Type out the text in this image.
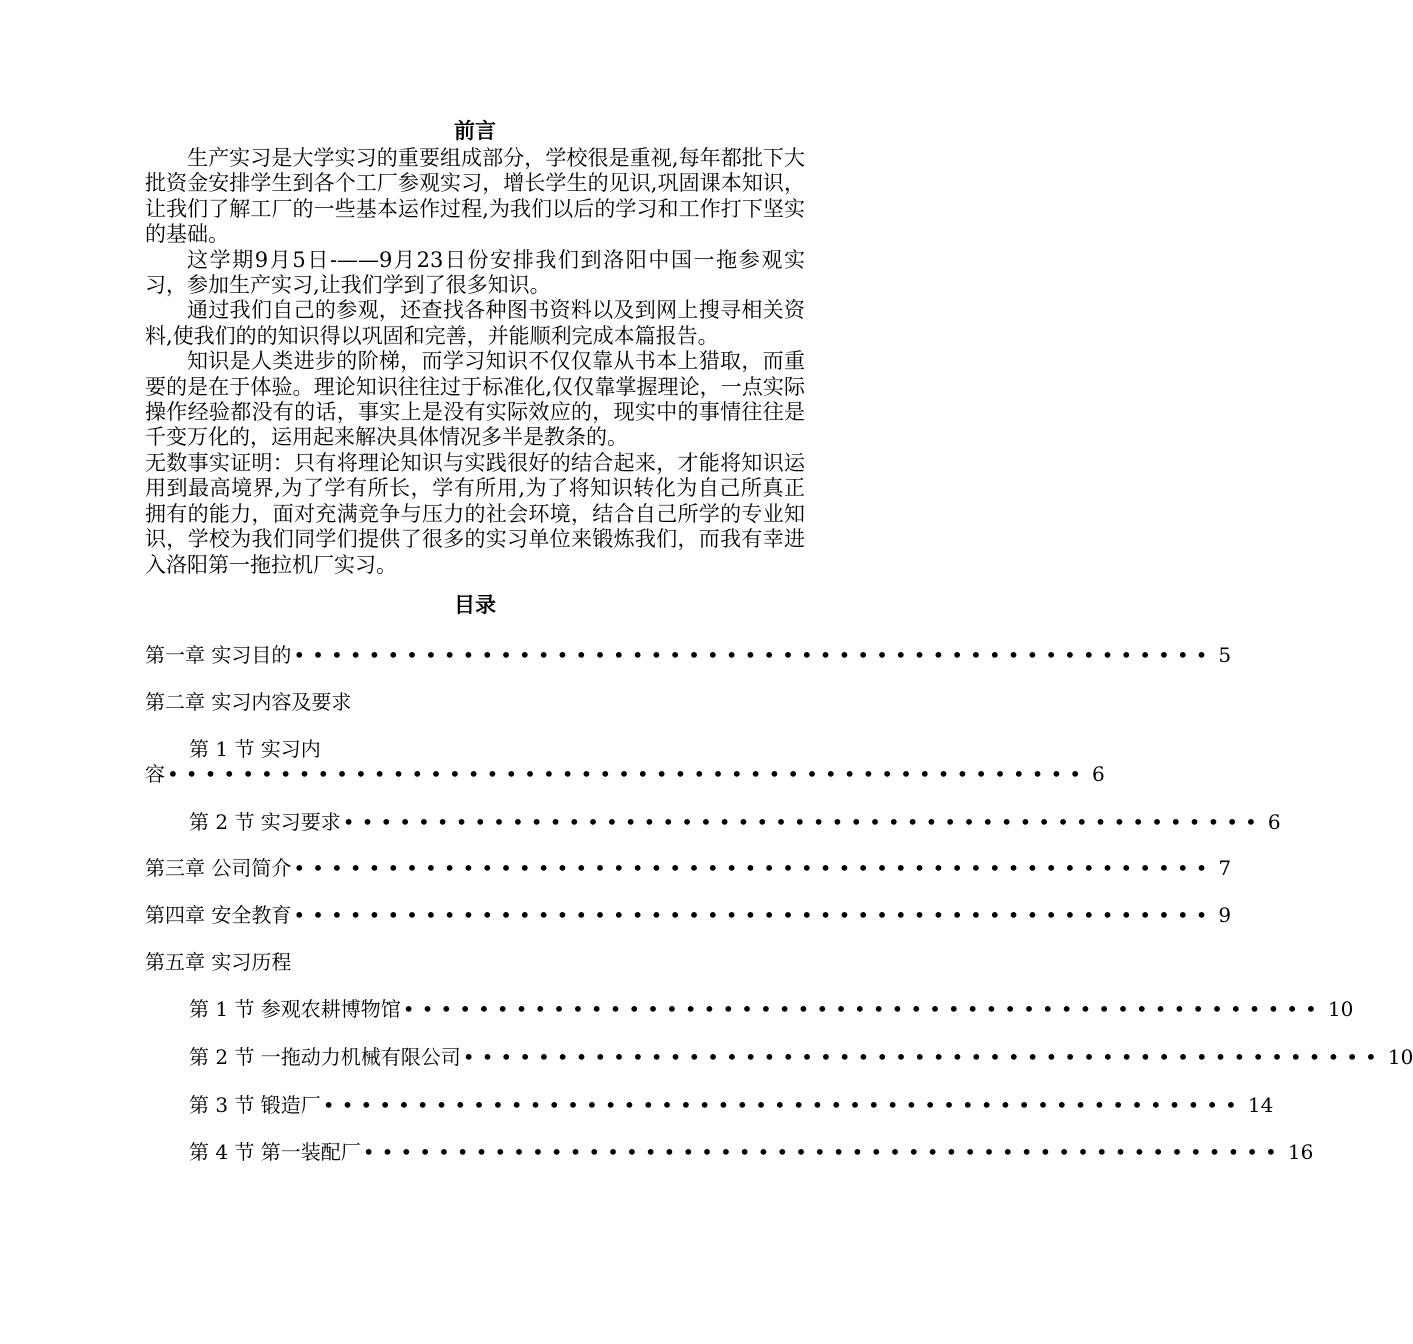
前言

生产实习是大学实习的重要组成部分，学校很是重视,每年都批下大批资金安排学生到各个工厂参观实习，增长学生的见识,巩固课本知识，让我们了解工厂的一些基本运作过程,为我们以后的学习和工作打下坚实的基础。

这学期9月5日-——9月23日份安排我们到洛阳中国一拖参观实习，参加生产实习,让我们学到了很多知识。

通过我们自己的参观，还查找各种图书资料以及到网上搜寻相关资料,使我们的的知识得以巩固和完善，并能顺利完成本篇报告。

知识是人类进步的阶梯，而学习知识不仅仅靠从书本上猎取，而重要的是在于体验。理论知识往往过于标准化,仅仅靠掌握理论，一点实际操作经验都没有的话，事实上是没有实际效应的，现实中的事情往往是千变万化的，运用起来解决具体情况多半是教条的。

无数事实证明：只有将理论知识与实践很好的结合起来，才能将知识运用到最高境界,为了学有所长，学有所用,为了将知识转化为自己所真正拥有的能力，面对充满竞争与压力的社会环境，结合自己所学的专业知识，学校为我们同学们提供了很多的实习单位来锻炼我们，而我有幸进入洛阳第一拖拉机厂实习。

目录
第一章 实习目的 ••••••••••••••••••••••••••••••••••••••••••••••••• 5
第二章 实习内容及要求
第 1 节 实习内
容 ••••••••••••••••••••••••••••••••••••••••••••••••• 6
第 2 节 实习要求 ••••••••••••••••••••••••••••••••••••••••••••••••• 6
第三章 公司简介 ••••••••••••••••••••••••••••••••••••••••••••••••• 7
第四章 安全教育 ••••••••••••••••••••••••••••••••••••••••••••••••• 9
第五章 实习历程
第 1 节 参观农耕博物馆 ••••••••••••••••••••••••••••••••••••••••••••••••• 10
第 2 节 一拖动力机械有限公司 ••••••••••••••••••••••••••••••••••••••••••••••••• 10
第 3 节 锻造厂 ••••••••••••••••••••••••••••••••••••••••••••••••• 14
第 4 节 第一装配厂 ••••••••••••••••••••••••••••••••••••••••••••••••• 16
